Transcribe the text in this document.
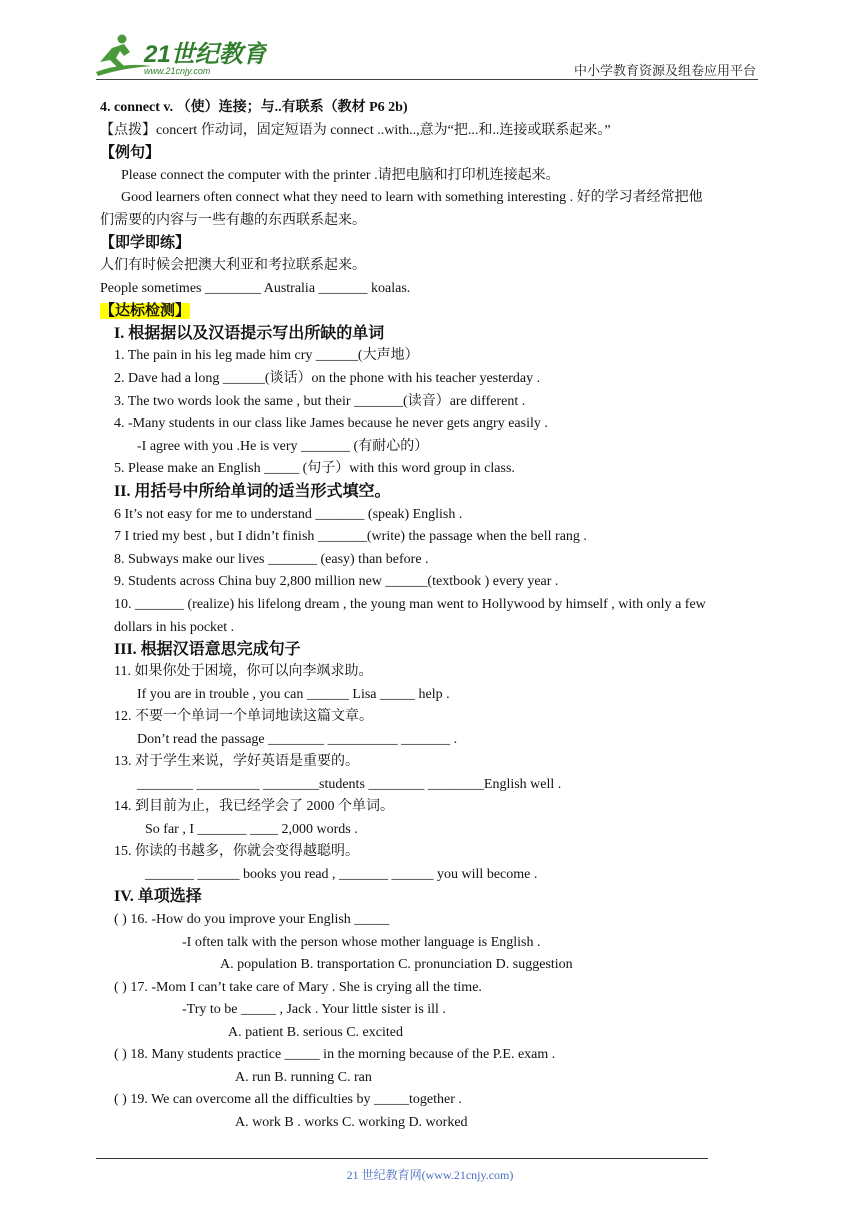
21世纪教育
www.21cnjy.com	中小学教育资源及组卷应用平台
4. connect v. （使）连接；与..有联系（教材 P6 2b)
【点拨】concert 作动词，固定短语为 connect ..with..,意为“把...和..连接或联系起来。”
【例句】
Please connect the computer with the printer .请把电脑和打印机连接起来。
Good learners often connect what they need to learn with something interesting . 好的学习者经常把他
们需要的内容与一些有趣的东西联系起来。
【即学即练】
人们有时候会把澳大利亚和考拉联系起来。
People sometimes ________ Australia _______ koalas.
【达标检测】
I. 根据据以及汉语提示写出所缺的单词
1. The pain in his leg made him cry ______(大声地）
2. Dave had a long ______(谈话）on the phone with his teacher yesterday .
3. The two words look the same , but their _______(读音）are different .
4. -Many students in our class like James because he never gets angry easily .
-I agree with you .He is very _______ (有耐心的）
5. Please make an English _____ (句子）with this word group in class.
II. 用括号中所给单词的适当形式填空。
6 It’s not easy for me to understand _______ (speak) English .
7 I tried my best , but I didn’t finish _______(write) the passage when the bell rang .
8. Subways make our lives _______ (easy) than before .
9. Students across China buy 2,800 million new ______(textbook ) every year .
10. _______ (realize) his lifelong dream , the young man went to Hollywood by himself , with only a few
dollars in his pocket .
III. 根据汉语意思完成句子
11. 如果你处于困境，你可以向李飒求助。
If you are in trouble , you can ______ Lisa _____ help .
12. 不要一个单词一个单词地读这篇文章。
Don’t read the passage ________ __________ _______ .
13. 对于学生来说，学好英语是重要的。
________ _________ ________students ________ ________English well .
14. 到目前为止，我已经学会了 2000 个单词。
So far , I _______ ____ 2,000 words .
15. 你读的书越多，你就会变得越聪明。
_______ ______ books you read , _______ ______ you will become .
IV. 单项选择
( ) 16. -How do you improve your English _____
-I often talk with the person whose mother language is English .
A. population B. transportation C. pronunciation D. suggestion
( ) 17. -Mom I can’t take care of Mary . She is crying all the time.
-Try to be _____ , Jack . Your little sister is ill .
A. patient B. serious C. excited
( ) 18. Many students practice _____ in the morning because of the P.E. exam .
A. run B. running C. ran
( ) 19. We can overcome all the difficulties by _____together .
A. work B . works C. working D. worked
21 世纪教育网(www.21cnjy.com)
